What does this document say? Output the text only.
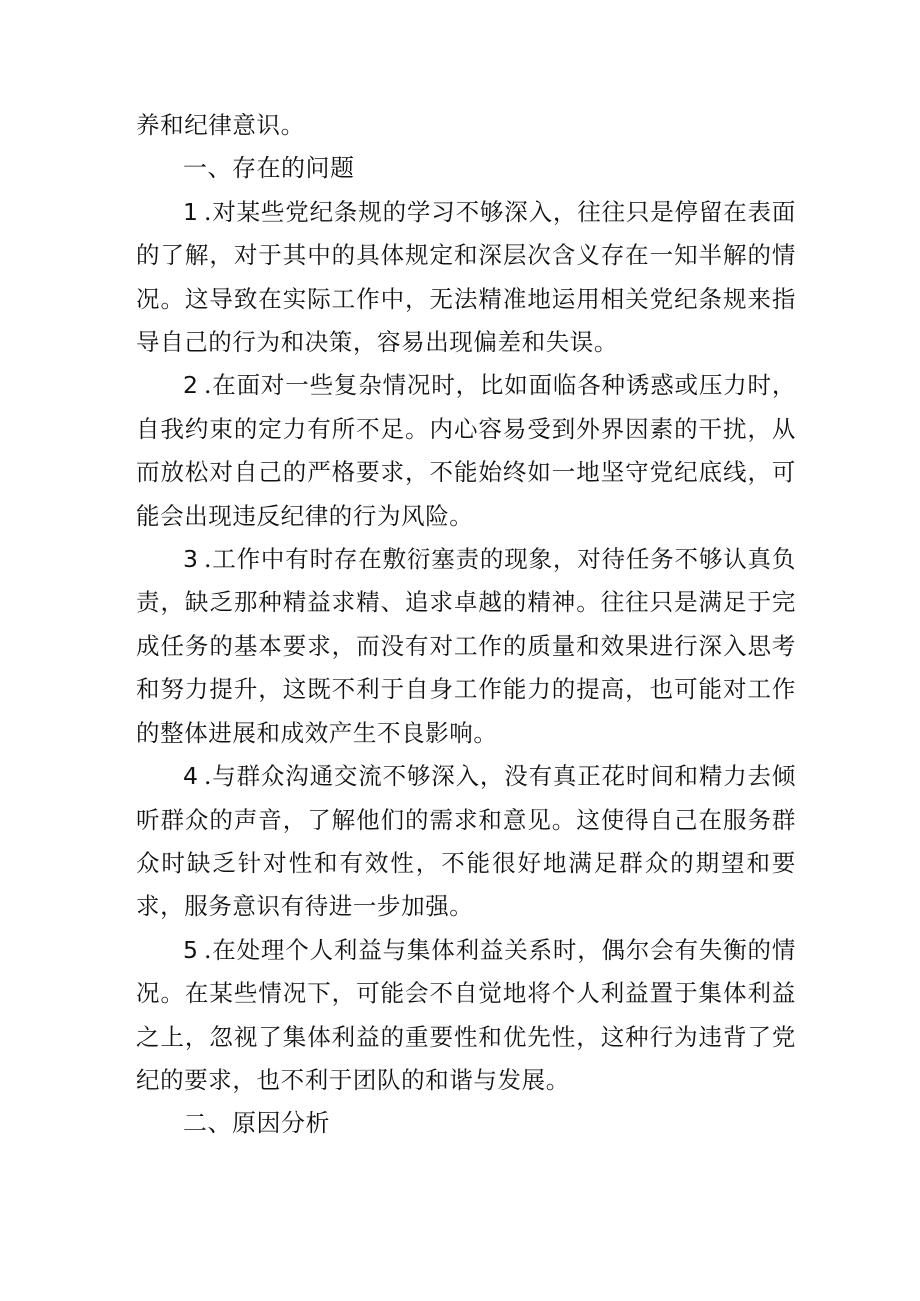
养和纪律意识。

一、存在的问题

1 .对某些党纪条规的学习不够深入，往往只是停留在表面的了解，对于其中的具体规定和深层次含义存在一知半解的情况。这导致在实际工作中，无法精准地运用相关党纪条规来指导自己的行为和决策，容易出现偏差和失误。

2 .在面对一些复杂情况时，比如面临各种诱惑或压力时，自我约束的定力有所不足。内心容易受到外界因素的干扰，从而放松对自己的严格要求，不能始终如一地坚守党纪底线，可能会出现违反纪律的行为风险。

3 .工作中有时存在敷衍塞责的现象，对待任务不够认真负责，缺乏那种精益求精、追求卓越的精神。往往只是满足于完成任务的基本要求，而没有对工作的质量和效果进行深入思考和努力提升，这既不利于自身工作能力的提高，也可能对工作的整体进展和成效产生不良影响。

4 .与群众沟通交流不够深入，没有真正花时间和精力去倾听群众的声音，了解他们的需求和意见。这使得自己在服务群众时缺乏针对性和有效性，不能很好地满足群众的期望和要求，服务意识有待进一步加强。

5 .在处理个人利益与集体利益关系时，偶尔会有失衡的情况。在某些情况下，可能会不自觉地将个人利益置于集体利益之上，忽视了集体利益的重要性和优先性，这种行为违背了党纪的要求，也不利于团队的和谐与发展。

二、原因分析
